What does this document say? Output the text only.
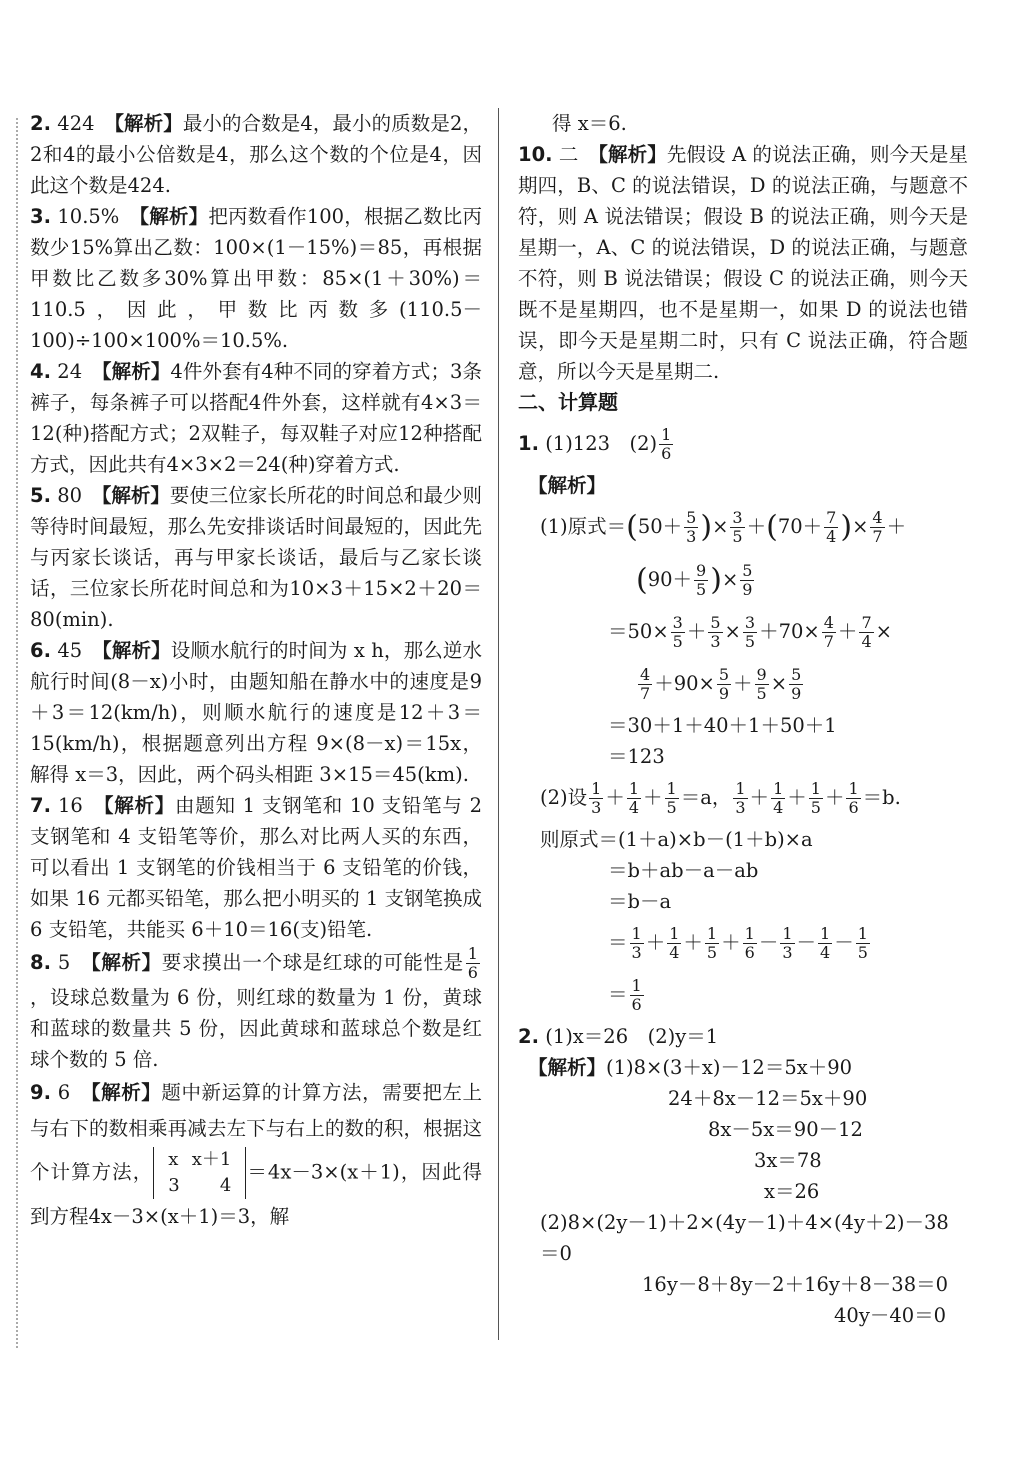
2. 424　 【解析】最小的合数是4，最小的质数是2，2和4的最小公倍数是4，那么这个数的个位是4，因此这个数是424.
3. 10.5%　 【解析】把丙数看作100，根据乙数比丙数少15%算出乙数：100×(1－15%)＝85，再根据甲数比乙数多30%算出甲数：85×(1＋30%)＝110.5，因此，甲数比丙数多(110.5－100)÷100×100%＝10.5%.
4. 24　 【解析】4件外套有4种不同的穿着方式；3条裤子，每条裤子可以搭配4件外套，这样就有4×3＝12(种)搭配方式；2双鞋子，每双鞋子对应12种搭配方式，因此共有4×3×2＝24(种)穿着方式.
5. 80　 【解析】要使三位家长所花的时间总和最少则等待时间最短，那么先安排谈话时间最短的，因此先与丙家长谈话，再与甲家长谈话，最后与乙家长谈话，三位家长所花时间总和为10×3＋15×2＋20＝80(min).
6. 45　 【解析】设顺水航行的时间为 x h，那么逆水航行时间(8－x)小时，由题知船在静水中的速度是9＋3＝12(km/h)，则顺水航行的速度是12＋3＝15(km/h)，根据题意列出方程 9×(8－x)＝15x，解得 x＝3，因此，两个码头相距 3×15＝45(km).
7. 16　 【解析】由题知 1 支钢笔和 10 支铅笔与 2 支钢笔和 4 支铅笔等价，那么对比两人买的东西，可以看出 1 支钢笔的价钱相当于 6 支铅笔的价钱，如果 16 元都买铅笔，那么把小明买的 1 支钢笔换成 6 支铅笔，共能买 6＋10＝16(支)铅笔.
8. 5　 【解析】要求摸出一个球是红球的可能性是 $\frac{1}{6}$
，设球总数量为 6 份，则红球的数量为 1 份，黄球和蓝球的数量共 5 份，因此黄球和蓝球总个数是红球个数的 5 倍.
9. 6　 【解析】题中新运算的计算方法，需要把左上与右下的数相乘再减去左下与右上的数的积，根据这个计算方法，
x	x＋1
3	4
＝4x－3×(x＋1)，因此得到方程4x－3×(x＋1)＝3，解
得 x＝6.
10. 二　 【解析】先假设 A 的说法正确，则今天是星期四，B、C 的说法错误，D 的说法正确，与题意不符，则 A 说法错误；假设 B 的说法正确，则今天是星期一，A、C 的说法错误，D 的说法正确，与题意不符，则 B 说法错误；假设 C 的说法正确，则今天既不是星期四，也不是星期一，如果 D 的说法也错误，即今天是星期二时，只有 C 说法正确，符合题意，所以今天是星期二.
二、计算题
1. (1)123　 $(2) \frac{1}{6}$
【解析】
(1)原式$=(50+ \frac{5}{3}$ )× $\frac{3}{5} +(70+ \frac{7}{4}$ )× $\frac{4}{7}$ ＋
($90+ \frac{9}{5}$ )× $\frac{5}{9}$
$=50\times \frac{3}{5} + \frac{5}{3} \times \frac{3}{5} +70\times \frac{4}{7} + \frac{7}{4}$ ×
$\frac{4}{7} +90\times \frac{5}{9} + \frac{9}{5} \times \frac{5}{9}$
＝30＋1＋40＋1＋50＋1
＝123
(2)设 $\frac{1}{3} + \frac{1}{4} + \frac{1}{5} =a$， $\frac{1}{3} + \frac{1}{4} + \frac{1}{5} + \frac{1}{6} =b$.
则原式＝(1＋a)×b－(1＋b)×a
＝b＋ab－a－ab
＝b－a
＝ $\frac{1}{3} + \frac{1}{4} + \frac{1}{5} + \frac{1}{6} - \frac{1}{3} - \frac{1}{4} - \frac{1}{5}$
＝ $\frac{1}{6}$
2. (1)x＝26　(2)y＝1
【解析】(1)8×(3＋x)－12＝5x＋90
24＋8x－12＝5x＋90
8x－5x＝90－12
3x＝78
x＝26
(2)8×(2y－1)＋2×(4y－1)＋4×(4y＋2)－38＝0
16y－8＋8y－2＋16y＋8－38＝0
40y－40＝0
